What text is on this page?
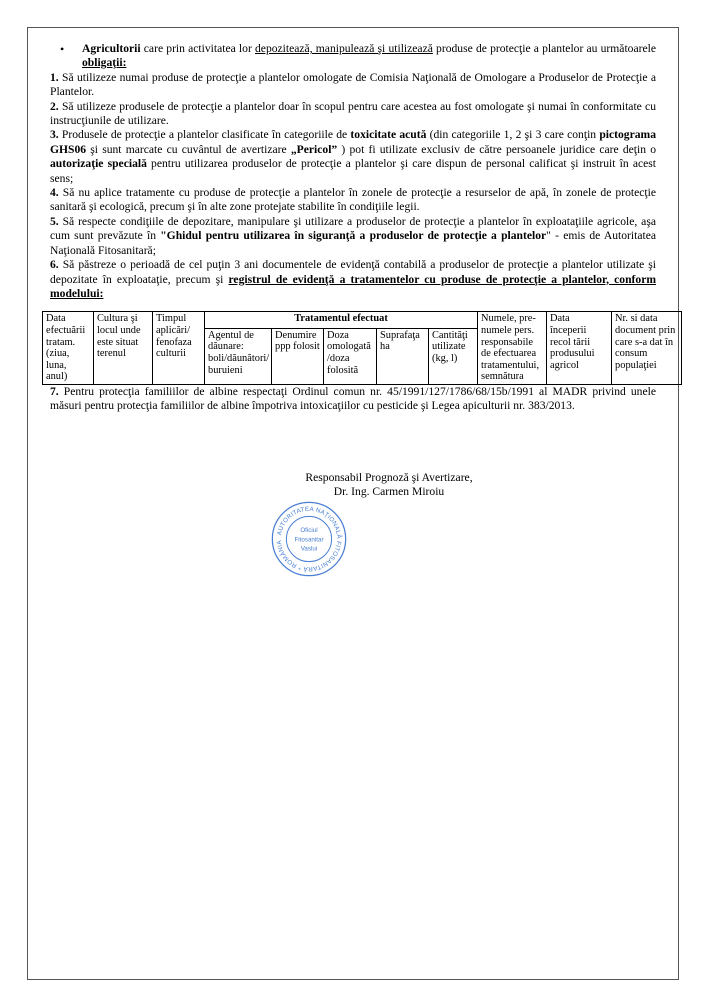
•	Agricultorii care prin activitatea lor depozitează, manipulează şi utilizează produse de protecţie a plantelor au următoarele obligaţii:

1. Să utilizeze numai produse de protecţie a plantelor omologate de Comisia Naţională de Omologare a Produselor de Protecţie a Plantelor.

2. Să utilizeze produsele de protecţie a plantelor doar în scopul pentru care acestea au fost omologate şi numai în conformitate cu instrucţiunile de utilizare.

3. Produsele de protecţie a plantelor clasificate în categoriile de toxicitate acută (din categoriile 1, 2 şi 3 care conţin pictograma GHS06 şi sunt marcate cu cuvântul de avertizare „Pericol” ) pot fi utilizate exclusiv de către persoanele juridice care deţin o autorizaţie specială pentru utilizarea produselor de protecţie a plantelor şi care dispun de personal calificat şi instruit în acest sens;

4. Să nu aplice tratamente cu produse de protecţie a plantelor în zonele de protecţie a resurselor de apă, în zonele de protecţie sanitară şi ecologică, precum şi în alte zone protejate stabilite în condiţiile legii.

5. Să respecte condiţiile de depozitare, manipulare şi utilizare a produselor de protecţie a plantelor în exploataţiile agricole, aşa cum sunt prevăzute în "Ghidul pentru utilizarea în siguranţă a produselor de protecţie a plantelor" - emis de Autoritatea Naţională Fitosanitară;

6. Să păstreze o perioadă de cel puţin 3 ani documentele de evidenţă contabilă a produselor de protecţie a plantelor utilizate şi depozitate în exploataţie, precum şi registrul de evidenţă a tratamentelor cu produse de protecţie a plantelor, conform modelului:

Data efectuării tratam. (ziua, luna, anul)	Cultura şi locul unde este situat terenul	Timpul aplicări/ fenofaza culturii	Tratamentul efectuat					Numele, pre-numele pers. responsabile de efectuarea tratamentului, semnătura	Data începerii recol tării produsului agricol	Nr. si data document prin care s-a dat în consum populaţiei
			Agentul de dăunare: boli/dăunători/ buruieni	Denumire ppp folosit	Doza omologată /doza folosită	Suprafaţa ha	Cantităţi utilizate (kg, l)			

7. Pentru protecţia familiilor de albine respectaţi Ordinul comun nr. 45/1991/127/1786/68/15b/1991 al MADR privind unele măsuri pentru protecţia familiilor de albine împotriva intoxicaţiilor cu pesticide şi Legea apiculturii nr. 383/2013.

Responsabil Prognoză şi Avertizare,
Dr. Ing. Carmen Miroiu
AUTORITATEA NAŢIONALĂ FITOSANITARĂ * ROMÂNIA
Oficiul
Fitosanitar
Vaslui
